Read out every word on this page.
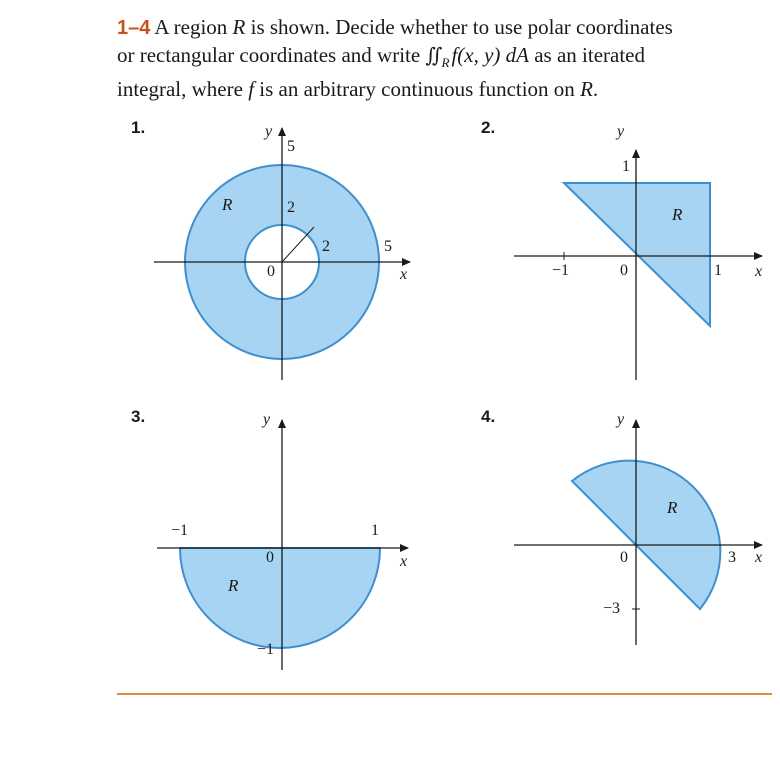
1–4 A region R is shown. Decide whether to use polar coordinates
or rectangular coordinates and write ∬ $_R$f(x, y) dA as an iterated
integral, where f is an arbitrary continuous function on R.
1.	2.
3.	4.
y
x
5
2
2	5
0
R
y
x
1
−1	0	1
R
y
x
−1	1
0
−1
R
y
x
0	3
−3
R
